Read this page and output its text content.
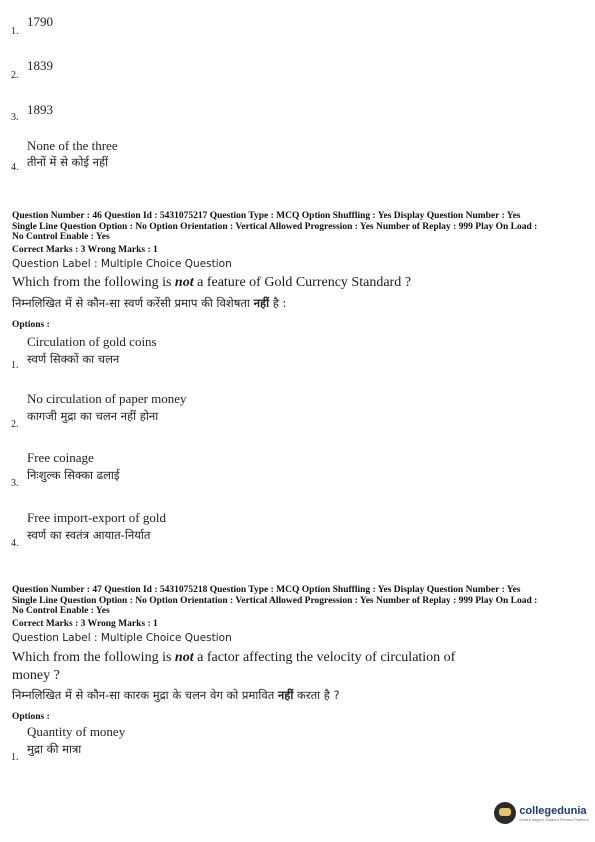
1790
1.
1839
2.
1893
3.
None of the three
तीनों में से कोई नहीं
4.
Question Number : 46 Question Id : 5431075217 Question Type : MCQ Option Shuffling : Yes Display Question Number : Yes
Single Line Question Option : No Option Orientation : Vertical Allowed Progression : Yes Number of Replay : 999 Play On Load :
No Control Enable : Yes
Correct Marks : 3 Wrong Marks : 1
Question Label : Multiple Choice Question
Which from the following is not a feature of Gold Currency Standard ?
निम्नलिखित में से कौन-सा स्वर्ण करेंसी प्रमाप की विशेषता नहीं है :
Options :
Circulation of gold coins
स्वर्ण सिक्कों का चलन
1.
No circulation of paper money
कागजी मुद्रा का चलन नहीं होना
2.
Free coinage
निःशुल्क सिक्का ढलाई
3.
Free import-export of gold
स्वर्ण का स्वतंत्र आयात-निर्यात
4.
Question Number : 47 Question Id : 5431075218 Question Type : MCQ Option Shuffling : Yes Display Question Number : Yes
Single Line Question Option : No Option Orientation : Vertical Allowed Progression : Yes Number of Replay : 999 Play On Load :
No Control Enable : Yes
Correct Marks : 3 Wrong Marks : 1
Question Label : Multiple Choice Question
Which from the following is not a factor affecting the velocity of circulation of
money ?
निम्नलिखित में से कौन-सा कारक मुद्रा के चलन वेग को प्रमावित नहीं करता है ?
Options :
Quantity of money
मुद्रा की मात्रा
1.
collegedunia
India's largest Student Review Platform
